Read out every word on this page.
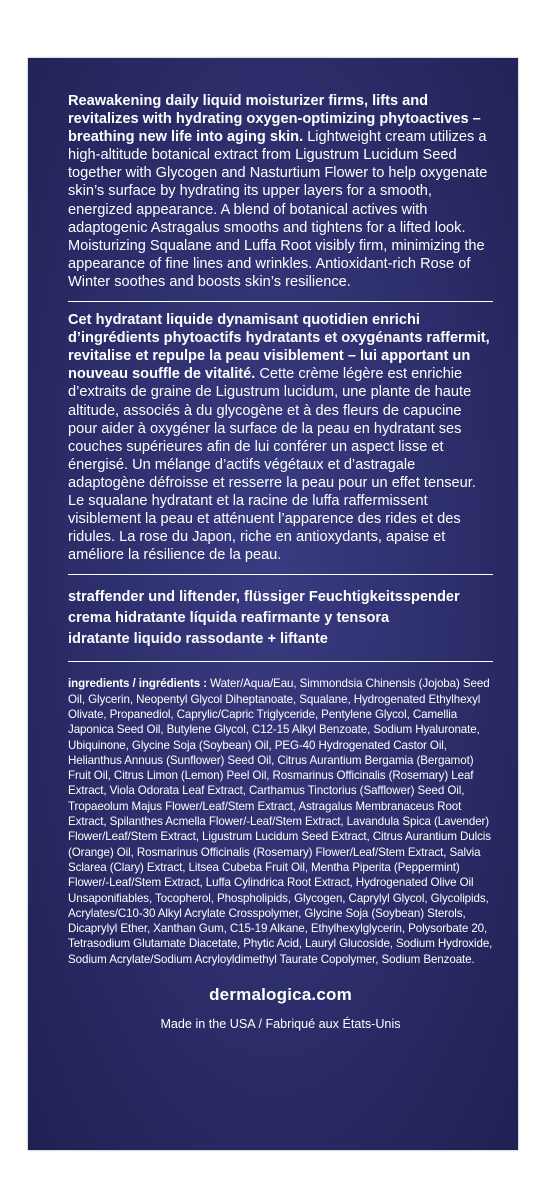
Reawakening daily liquid moisturizer firms, lifts and revitalizes with hydrating oxygen-optimizing phytoactives – breathing new life into aging skin. Lightweight cream utilizes a high-altitude botanical extract from Ligustrum Lucidum Seed together with Glycogen and Nasturtium Flower to help oxygenate skin’s surface by hydrating its upper layers for a smooth, energized appearance. A blend of botanical actives with adaptogenic Astragalus smooths and tightens for a lifted look. Moisturizing Squalane and Luffa Root visibly firm, minimizing the appearance of fine lines and wrinkles. Antioxidant-rich Rose of Winter soothes and boosts skin’s resilience.

Cet hydratant liquide dynamisant quotidien enrichi d’ingrédients phytoactifs hydratants et oxygénants raffermit, revitalise et repulpe la peau visiblement – lui apportant un nouveau souffle de vitalité. Cette crème légère est enrichie d’extraits de graine de Ligustrum lucidum, une plante de haute altitude, associés à du glycogène et à des fleurs de capucine pour aider à oxygéner la surface de la peau en hydratant ses couches supérieures afin de lui conférer un aspect lisse et énergisé. Un mélange d’actifs végétaux et d’astragale adaptogène défroisse et resserre la peau pour un effet tenseur. Le squalane hydratant et la racine de luffa raffermissent visiblement la peau et atténuent l’apparence des rides et des ridules. La rose du Japon, riche en antioxydants, apaise et améliore la résilience de la peau.

straffender und liftender, flüssiger Feuchtigkeitsspender
crema hidratante líquida reafirmante y tensora
idratante liquido rassodante + liftante

ingredients / ingrédients : Water/Aqua/Eau, Simmondsia Chinensis (Jojoba) Seed Oil, Glycerin, Neopentyl Glycol Diheptanoate, Squalane, Hydrogenated Ethylhexyl Olivate, Propanediol, Caprylic/Capric Triglyceride, Pentylene Glycol, Camellia Japonica Seed Oil, Butylene Glycol, C12-15 Alkyl Benzoate, Sodium Hyaluronate, Ubiquinone, Glycine Soja (Soybean) Oil, PEG-40 Hydrogenated Castor Oil, Helianthus Annuus (Sunflower) Seed Oil, Citrus Aurantium Bergamia (Bergamot) Fruit Oil, Citrus Limon (Lemon) Peel Oil, Rosmarinus Officinalis (Rosemary) Leaf Extract, Viola Odorata Leaf Extract, Carthamus Tinctorius (Safflower) Seed Oil, Tropaeolum Majus Flower/Leaf/Stem Extract, Astragalus Membranaceus Root Extract, Spilanthes Acmella Flower/-Leaf/Stem Extract, Lavandula Spica (Lavender) Flower/Leaf/Stem Extract, Ligustrum Lucidum Seed Extract, Citrus Aurantium Dulcis (Orange) Oil, Rosmarinus Officinalis (Rosemary) Flower/Leaf/Stem Extract, Salvia Sclarea (Clary) Extract, Litsea Cubeba Fruit Oil, Mentha Piperita (Peppermint) Flower/-Leaf/Stem Extract, Luffa Cylindrica Root Extract, Hydrogenated Olive Oil Unsaponifiables, Tocopherol, Phospholipids, Glycogen, Caprylyl Glycol, Glycolipids, Acrylates/C10-30 Alkyl Acrylate Crosspolymer, Glycine Soja (Soybean) Sterols, Dicaprylyl Ether, Xanthan Gum, C15-19 Alkane, Ethylhexylglycerin, Polysorbate 20, Tetrasodium Glutamate Diacetate, Phytic Acid, Lauryl Glucoside, Sodium Hydroxide, Sodium Acrylate/Sodium Acryloyldimethyl Taurate Copolymer, Sodium Benzoate.

dermalogica.com
Made in the USA / Fabriqué aux États-Unis
